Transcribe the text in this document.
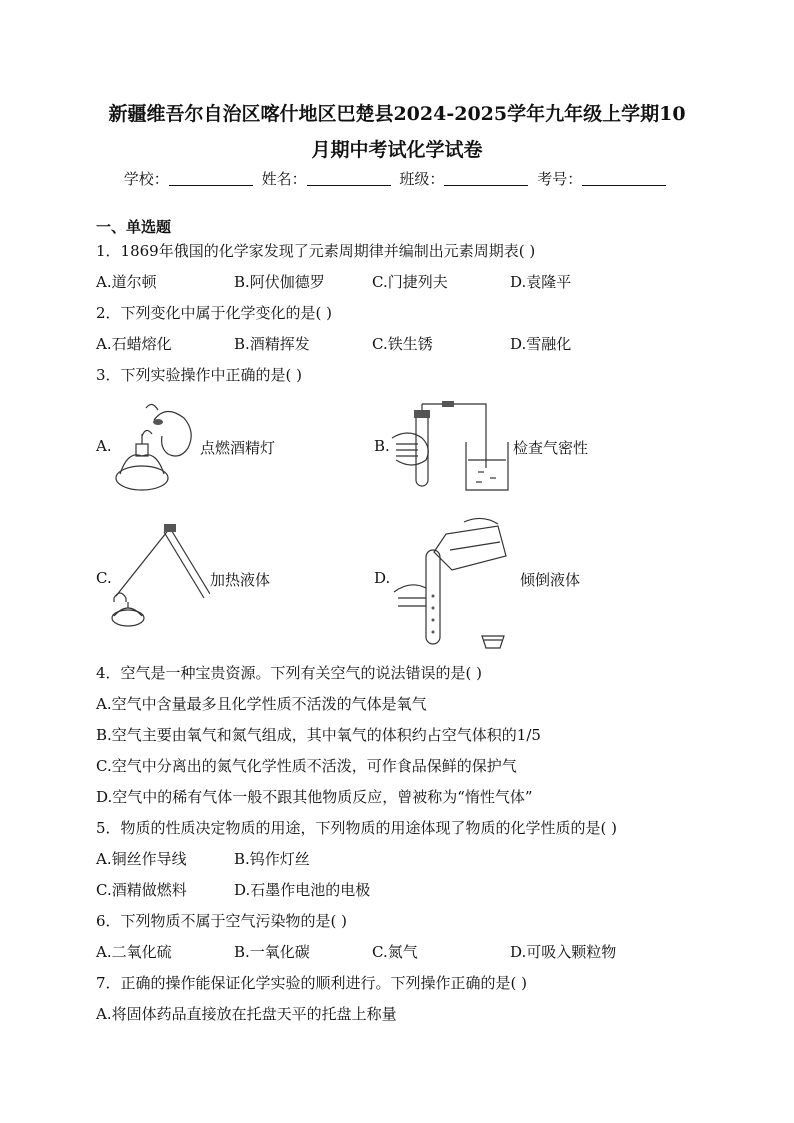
新疆维吾尔自治区喀什地区巴楚县2024-2025学年九年级上学期10
月期中考试化学试卷
学校：	姓名：	班级：	考号：
一、单选题
1．1869年俄国的化学家发现了元素周期律并编制出元素周期表( )
A.道尔顿	B.阿伏伽德罗	C.门捷列夫	D.袁隆平
2．下列变化中属于化学变化的是( )
A.石蜡熔化	B.酒精挥发	C.铁生锈	D.雪融化
3．下列实验操作中正确的是( )
A.	点燃酒精灯	B.	检查气密性
C.	加热液体	D.	倾倒液体
4．空气是一种宝贵资源。下列有关空气的说法错误的是( )
A.空气中含量最多且化学性质不活泼的气体是氧气
B.空气主要由氧气和氮气组成，其中氧气的体积约占空气体积的1/5
C.空气中分离出的氮气化学性质不活泼，可作食品保鲜的保护气
D.空气中的稀有气体一般不跟其他物质反应，曾被称为“惰性气体”
5．物质的性质决定物质的用途，下列物质的用途体现了物质的化学性质的是( )
A.铜丝作导线	B.钨作灯丝
C.酒精做燃料	D.石墨作电池的电极
6．下列物质不属于空气污染物的是( )
A.二氧化硫	B.一氧化碳	C.氮气	D.可吸入颗粒物
7．正确的操作能保证化学实验的顺利进行。下列操作正确的是( )
A.将固体药品直接放在托盘天平的托盘上称量
